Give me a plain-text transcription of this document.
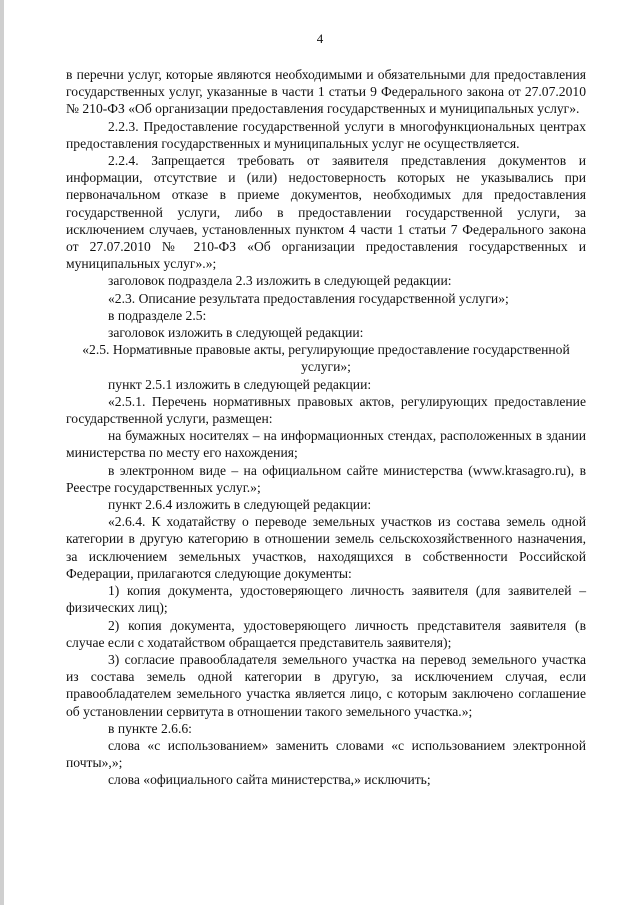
4

в перечни услуг, которые являются необходимыми и обязательными для предоставления государственных услуг, указанные в части 1 статьи 9 Федерального закона от 27.07.2010 № 210-ФЗ «Об организации предоставления государственных и муниципальных услуг».

2.2.3. Предоставление государственной услуги в многофункциональных центрах предоставления государственных и муниципальных услуг не осуществляется.

2.2.4. Запрещается требовать от заявителя представления документов и информации, отсутствие и (или) недостоверность которых не указывались при первоначальном отказе в приеме документов, необходимых для предоставления государственной услуги, либо в предоставлении государственной услуги, за исключением случаев, установленных пунктом 4 части 1 статьи 7 Федерального закона от 27.07.2010 № 210-ФЗ «Об организации предоставления государственных и муниципальных услуг».»;

заголовок подраздела 2.3 изложить в следующей редакции:

«2.3. Описание результата предоставления государственной услуги»;

в подразделе 2.5:

заголовок изложить в следующей редакции:

«2.5. Нормативные правовые акты, регулирующие предоставление государственной услуги»;

пункт 2.5.1 изложить в следующей редакции:

«2.5.1. Перечень нормативных правовых актов, регулирующих предоставление государственной услуги, размещен:

на бумажных носителях – на информационных стендах, расположенных в здании министерства по месту его нахождения;

в электронном виде – на официальном сайте министерства (www.krasagro.ru), в Реестре государственных услуг.»;

пункт 2.6.4 изложить в следующей редакции:

«2.6.4. К ходатайству о переводе земельных участков из состава земель одной категории в другую категорию в отношении земель сельскохозяйственного назначения, за исключением земельных участков, находящихся в собственности Российской Федерации, прилагаются следующие документы:

1) копия документа, удостоверяющего личность заявителя (для заявителей – физических лиц);

2) копия документа, удостоверяющего личность представителя заявителя (в случае если с ходатайством обращается представитель заявителя);

3) согласие правообладателя земельного участка на перевод земельного участка из состава земель одной категории в другую, за исключением случая, если правообладателем земельного участка является лицо, с которым заключено соглашение об установлении сервитута в отношении такого земельного участка.»;

в пункте 2.6.6:

слова «с использованием» заменить словами «с использованием электронной почты»,»;

слова «официального сайта министерства,» исключить;
